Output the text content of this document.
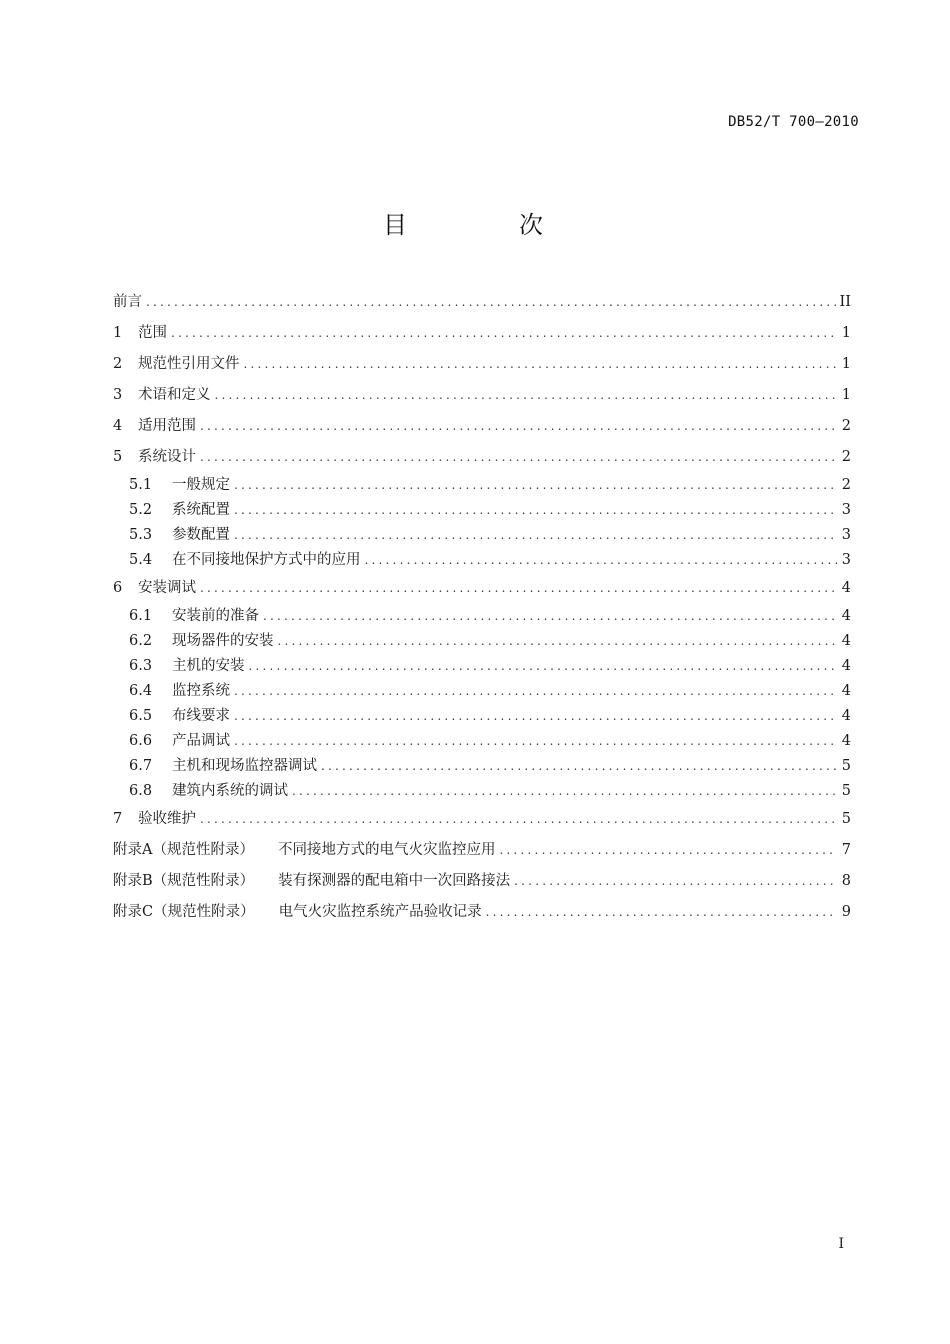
DB52/T 700—2010
目　次
前言 .....	II
1	范围 .....	1
2	规范性引用文件 .....	1
3	术语和定义 .....	1
4	适用范围 .....	2
5	系统设计 .....	2
5.1	一般规定 .....	2
5.2	系统配置 .....	3
5.3	参数配置 .....	3
5.4	在不同接地保护方式中的应用 .....	3
6	安装调试 .....	4
6.1	安装前的准备 .....	4
6.2	现场器件的安装 .....	4
6.3	主机的安装 .....	4
6.4	监控系统 .....	4
6.5	布线要求 .....	4
6.6	产品调试 .....	4
6.7	主机和现场监控器调试 .....	5
6.8	建筑内系统的调试 .....	5
7	验收维护 .....	5
附录A（规范性附录） 不同接地方式的电气火灾监控应用 .....	7
附录B（规范性附录） 装有探测器的配电箱中一次回路接法 .....	8
附录C（规范性附录） 电气火灾监控系统产品验收记录 .....	9
I
